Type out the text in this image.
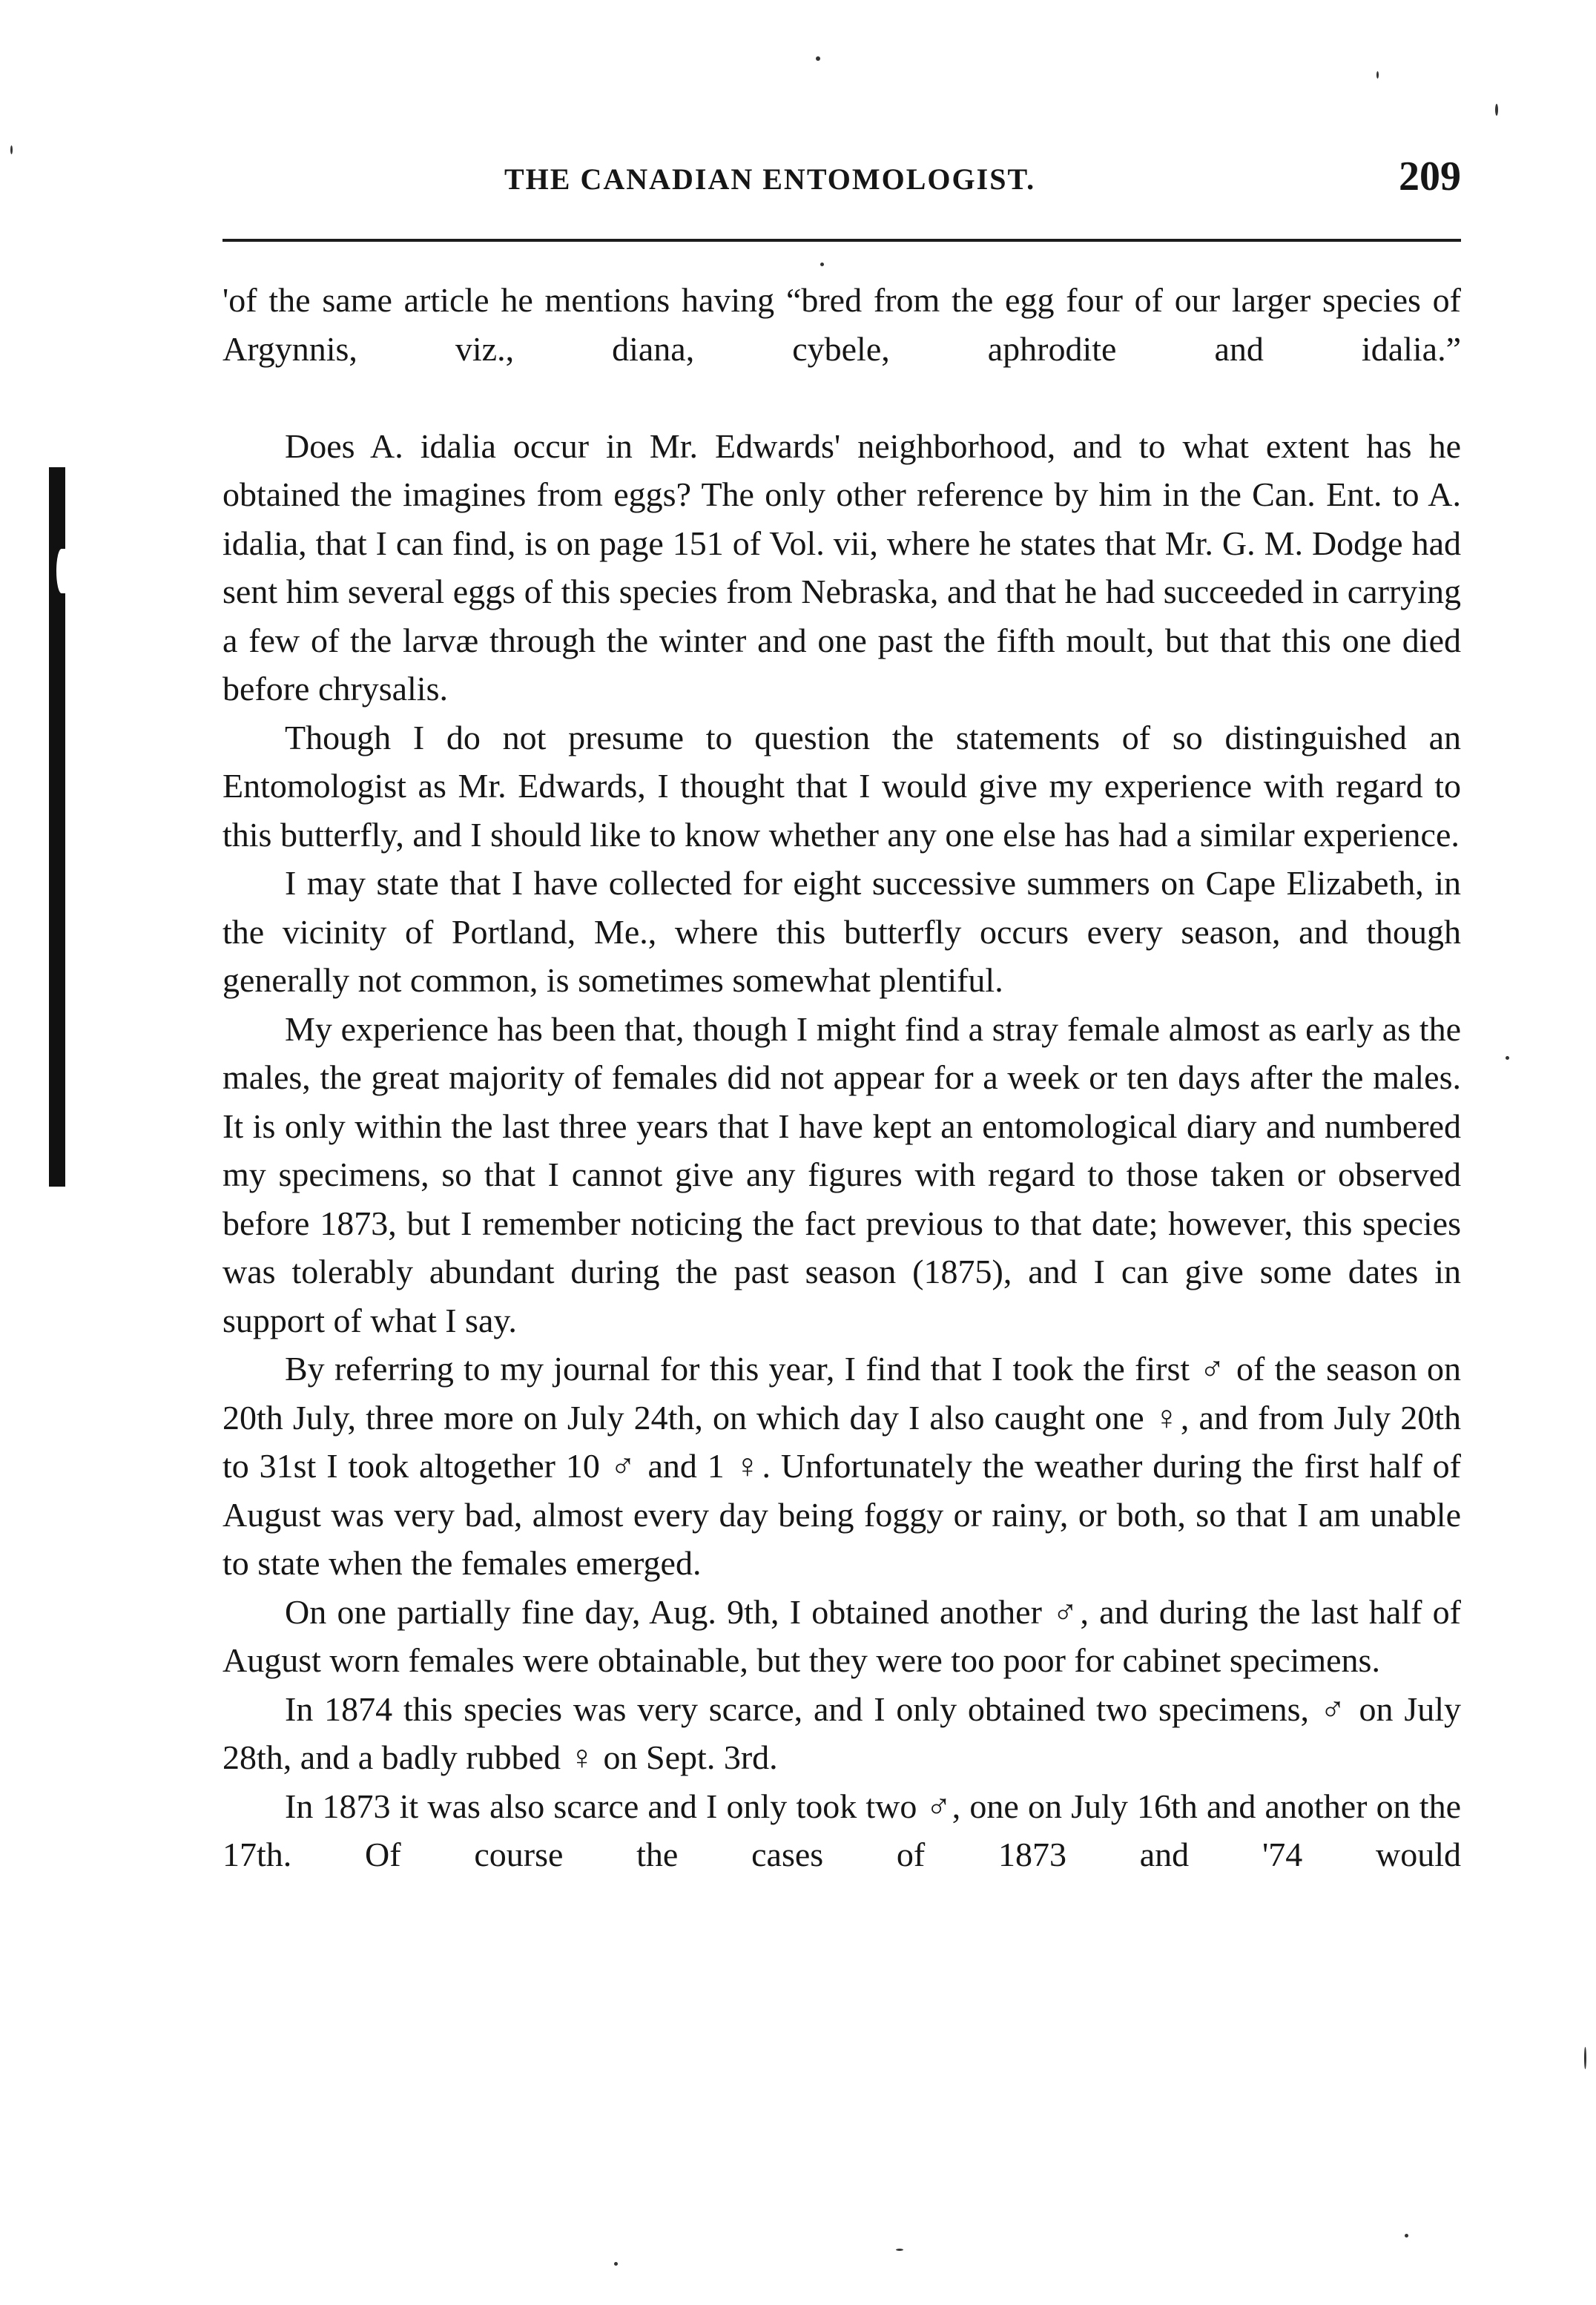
THE CANADIAN ENTOMOLOGIST.	209

'of the same article he mentions having “bred from the egg four of our larger species of Argynnis, viz., diana, cybele, aphrodite and idalia.”

Does A. idalia occur in Mr. Edwards' neighborhood, and to what extent has he obtained the imagines from eggs? The only other reference by him in the Can. Ent. to A. idalia, that I can find, is on page 151 of Vol. vii, where he states that Mr. G. M. Dodge had sent him several eggs of this species from Nebraska, and that he had succeeded in carrying a few of the larvæ through the winter and one past the fifth moult, but that this one died before chrysalis.

Though I do not presume to question the statements of so distinguished an Entomologist as Mr. Edwards, I thought that I would give my experience with regard to this butterfly, and I should like to know whether any one else has had a similar experience.

I may state that I have collected for eight successive summers on Cape Elizabeth, in the vicinity of Portland, Me., where this butterfly occurs every season, and though generally not common, is sometimes somewhat plentiful.

My experience has been that, though I might find a stray female almost as early as the males, the great majority of females did not appear for a week or ten days after the males. It is only within the last three years that I have kept an entomological diary and numbered my specimens, so that I cannot give any figures with regard to those taken or observed before 1873, but I remember noticing the fact previous to that date; however, this species was tolerably abundant during the past season (1875), and I can give some dates in support of what I say.

By referring to my journal for this year, I find that I took the first ♂ of the season on 20th July, three more on July 24th, on which day I also caught one ♀, and from July 20th to 31st I took altogether 10 ♂ and 1 ♀. Unfortunately the weather during the first half of August was very bad, almost every day being foggy or rainy, or both, so that I am unable to state when the females emerged.

On one partially fine day, Aug. 9th, I obtained another ♂, and during the last half of August worn females were obtainable, but they were too poor for cabinet specimens.

In 1874 this species was very scarce, and I only obtained two specimens, ♂ on July 28th, and a badly rubbed ♀ on Sept. 3rd.

In 1873 it was also scarce and I only took two ♂, one on July 16th and another on the 17th. Of course the cases of 1873 and '74 would
